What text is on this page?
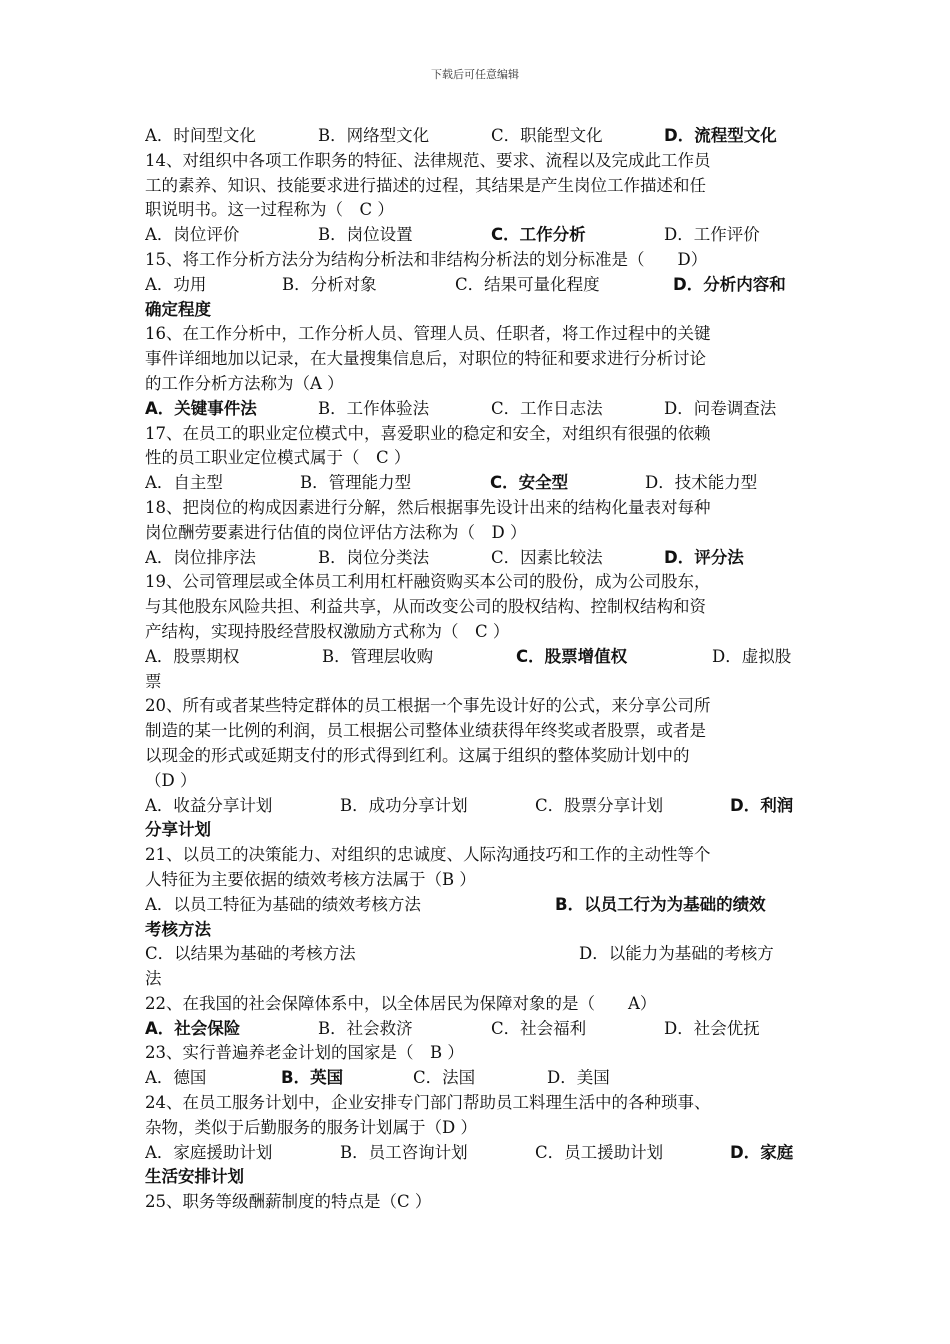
下载后可任意编辑
A．时间型文化	B．网络型文化	C．职能型文化	D．流程型文化
14、对组织中各项工作职务的特征、法律规范、要求、流程以及完成此工作员
工的素养、知识、技能要求进行描述的过程，其结果是产生岗位工作描述和任
职说明书。这一过程称为（　C ）
A．岗位评价	B．岗位设置	C．工作分析	D．工作评价
15、将工作分析方法分为结构分析法和非结构分析法的划分标准是（　　D）
A．功用	B．分析对象	C．结果可量化程度	D．分析内容和
确定程度
16、在工作分析中，工作分析人员、管理人员、任职者，将工作过程中的关键
事件详细地加以记录，在大量搜集信息后，对职位的特征和要求进行分析讨论
的工作分析方法称为（A ）
A．关键事件法	B．工作体验法	C．工作日志法	D．问卷调查法
17、在员工的职业定位模式中，喜爱职业的稳定和安全，对组织有很强的依赖
性的员工职业定位模式属于（　C ）
A．自主型	B．管理能力型	C．安全型	D．技术能力型
18、把岗位的构成因素进行分解，然后根据事先设计出来的结构化量表对每种
岗位酬劳要素进行估值的岗位评估方法称为（　D ）
A．岗位排序法	B．岗位分类法	C．因素比较法	D．评分法
19、公司管理层或全体员工利用杠杆融资购买本公司的股份，成为公司股东，
与其他股东风险共担、利益共享，从而改变公司的股权结构、控制权结构和资
产结构，实现持股经营股权激励方式称为（　C ）
A．股票期权	B．管理层收购	C．股票增值权	D．虚拟股
票
20、所有或者某些特定群体的员工根据一个事先设计好的公式，来分享公司所
制造的某一比例的利润，员工根据公司整体业绩获得年终奖或者股票，或者是
以现金的形式或延期支付的形式得到红利。这属于组织的整体奖励计划中的
（D ）
A．收益分享计划	B．成功分享计划	C．股票分享计划	D．利润
分享计划
21、以员工的决策能力、对组织的忠诚度、人际沟通技巧和工作的主动性等个
人特征为主要依据的绩效考核方法属于（B ）
A．以员工特征为基础的绩效考核方法	B．以员工行为为基础的绩效
考核方法
C．以结果为基础的考核方法	D．以能力为基础的考核方
法
22、在我国的社会保障体系中，以全体居民为保障对象的是（　　A）
A．社会保险	B．社会救济	C．社会福利	D．社会优抚
23、实行普遍养老金计划的国家是（　B ）
A．德国	B．英国	C．法国	D．美国
24、在员工服务计划中，企业安排专门部门帮助员工料理生活中的各种琐事、
杂物，类似于后勤服务的服务计划属于（D ）
A．家庭援助计划	B．员工咨询计划	C．员工援助计划	D．家庭
生活安排计划
25、职务等级酬薪制度的特点是（C ）
